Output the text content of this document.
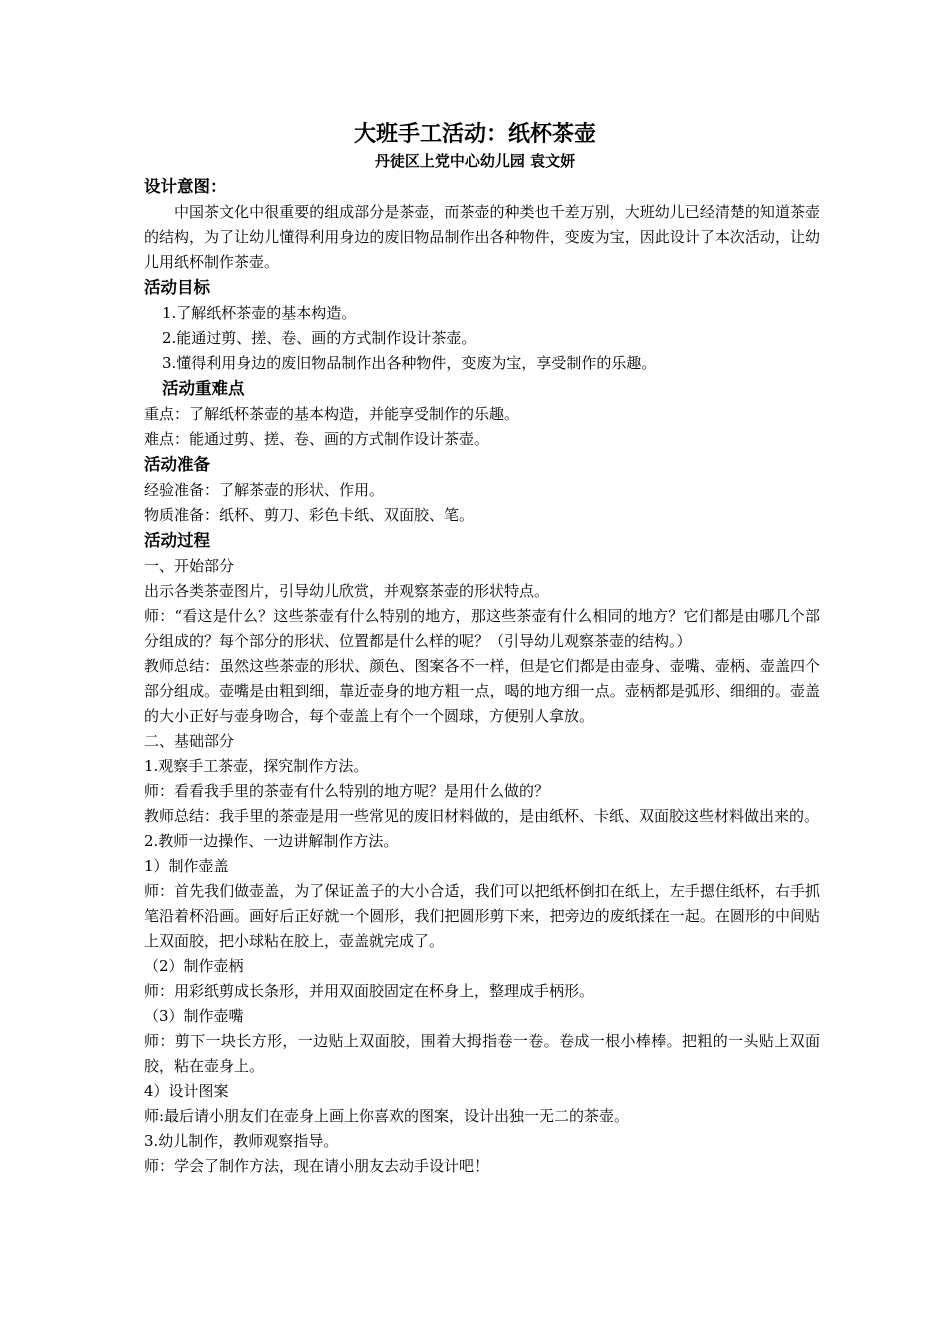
大班手工活动：纸杯茶壶
丹徒区上党中心幼儿园 袁文妍
设计意图：

中国茶文化中很重要的组成部分是茶壶，而茶壶的种类也千差万别，大班幼儿已经清楚的知道茶壶的结构，为了让幼儿懂得利用身边的废旧物品制作出各种物件，变废为宝，因此设计了本次活动，让幼儿用纸杯制作茶壶。

活动目标
1.了解纸杯茶壶的基本构造。
2.能通过剪、搓、卷、画的方式制作设计茶壶。
3.懂得利用身边的废旧物品制作出各种物件，变废为宝，享受制作的乐趣。
活动重难点

重点：了解纸杯茶壶的基本构造，并能享受制作的乐趣。

难点：能通过剪、搓、卷、画的方式制作设计茶壶。

活动准备

经验准备：了解茶壶的形状、作用。

物质准备：纸杯、剪刀、彩色卡纸、双面胶、笔。

活动过程

一、开始部分

出示各类茶壶图片，引导幼儿欣赏，并观察茶壶的形状特点。

师：“看这是什么？这些茶壶有什么特别的地方，那这些茶壶有什么相同的地方？它们都是由哪几个部分组成的？每个部分的形状、位置都是什么样的呢？（引导幼儿观察茶壶的结构。）

教师总结：虽然这些茶壶的形状、颜色、图案各不一样，但是它们都是由壶身、壶嘴、壶柄、壶盖四个部分组成。壶嘴是由粗到细，靠近壶身的地方粗一点，喝的地方细一点。壶柄都是弧形、细细的。壶盖的大小正好与壶身吻合，每个壶盖上有个一个圆球，方便别人拿放。

二、基础部分

1.观察手工茶壶，探究制作方法。

师：看看我手里的茶壶有什么特别的地方呢？是用什么做的？

教师总结：我手里的茶壶是用一些常见的废旧材料做的，是由纸杯、卡纸、双面胶这些材料做出来的。

2.教师一边操作、一边讲解制作方法。

1）制作壶盖

师：首先我们做壶盖，为了保证盖子的大小合适，我们可以把纸杯倒扣在纸上，左手摁住纸杯，右手抓笔沿着杯沿画。画好后正好就一个圆形，我们把圆形剪下来，把旁边的废纸揉在一起。在圆形的中间贴上双面胶，把小球粘在胶上，壶盖就完成了。

（2）制作壶柄

师：用彩纸剪成长条形，并用双面胶固定在杯身上，整理成手柄形。

（3）制作壶嘴

师：剪下一块长方形，一边贴上双面胶，围着大拇指卷一卷。卷成一根小棒棒。把粗的一头贴上双面胶，粘在壶身上。

4）设计图案

师:最后请小朋友们在壶身上画上你喜欢的图案，设计出独一无二的茶壶。

3.幼儿制作，教师观察指导。

师：学会了制作方法，现在请小朋友去动手设计吧！
